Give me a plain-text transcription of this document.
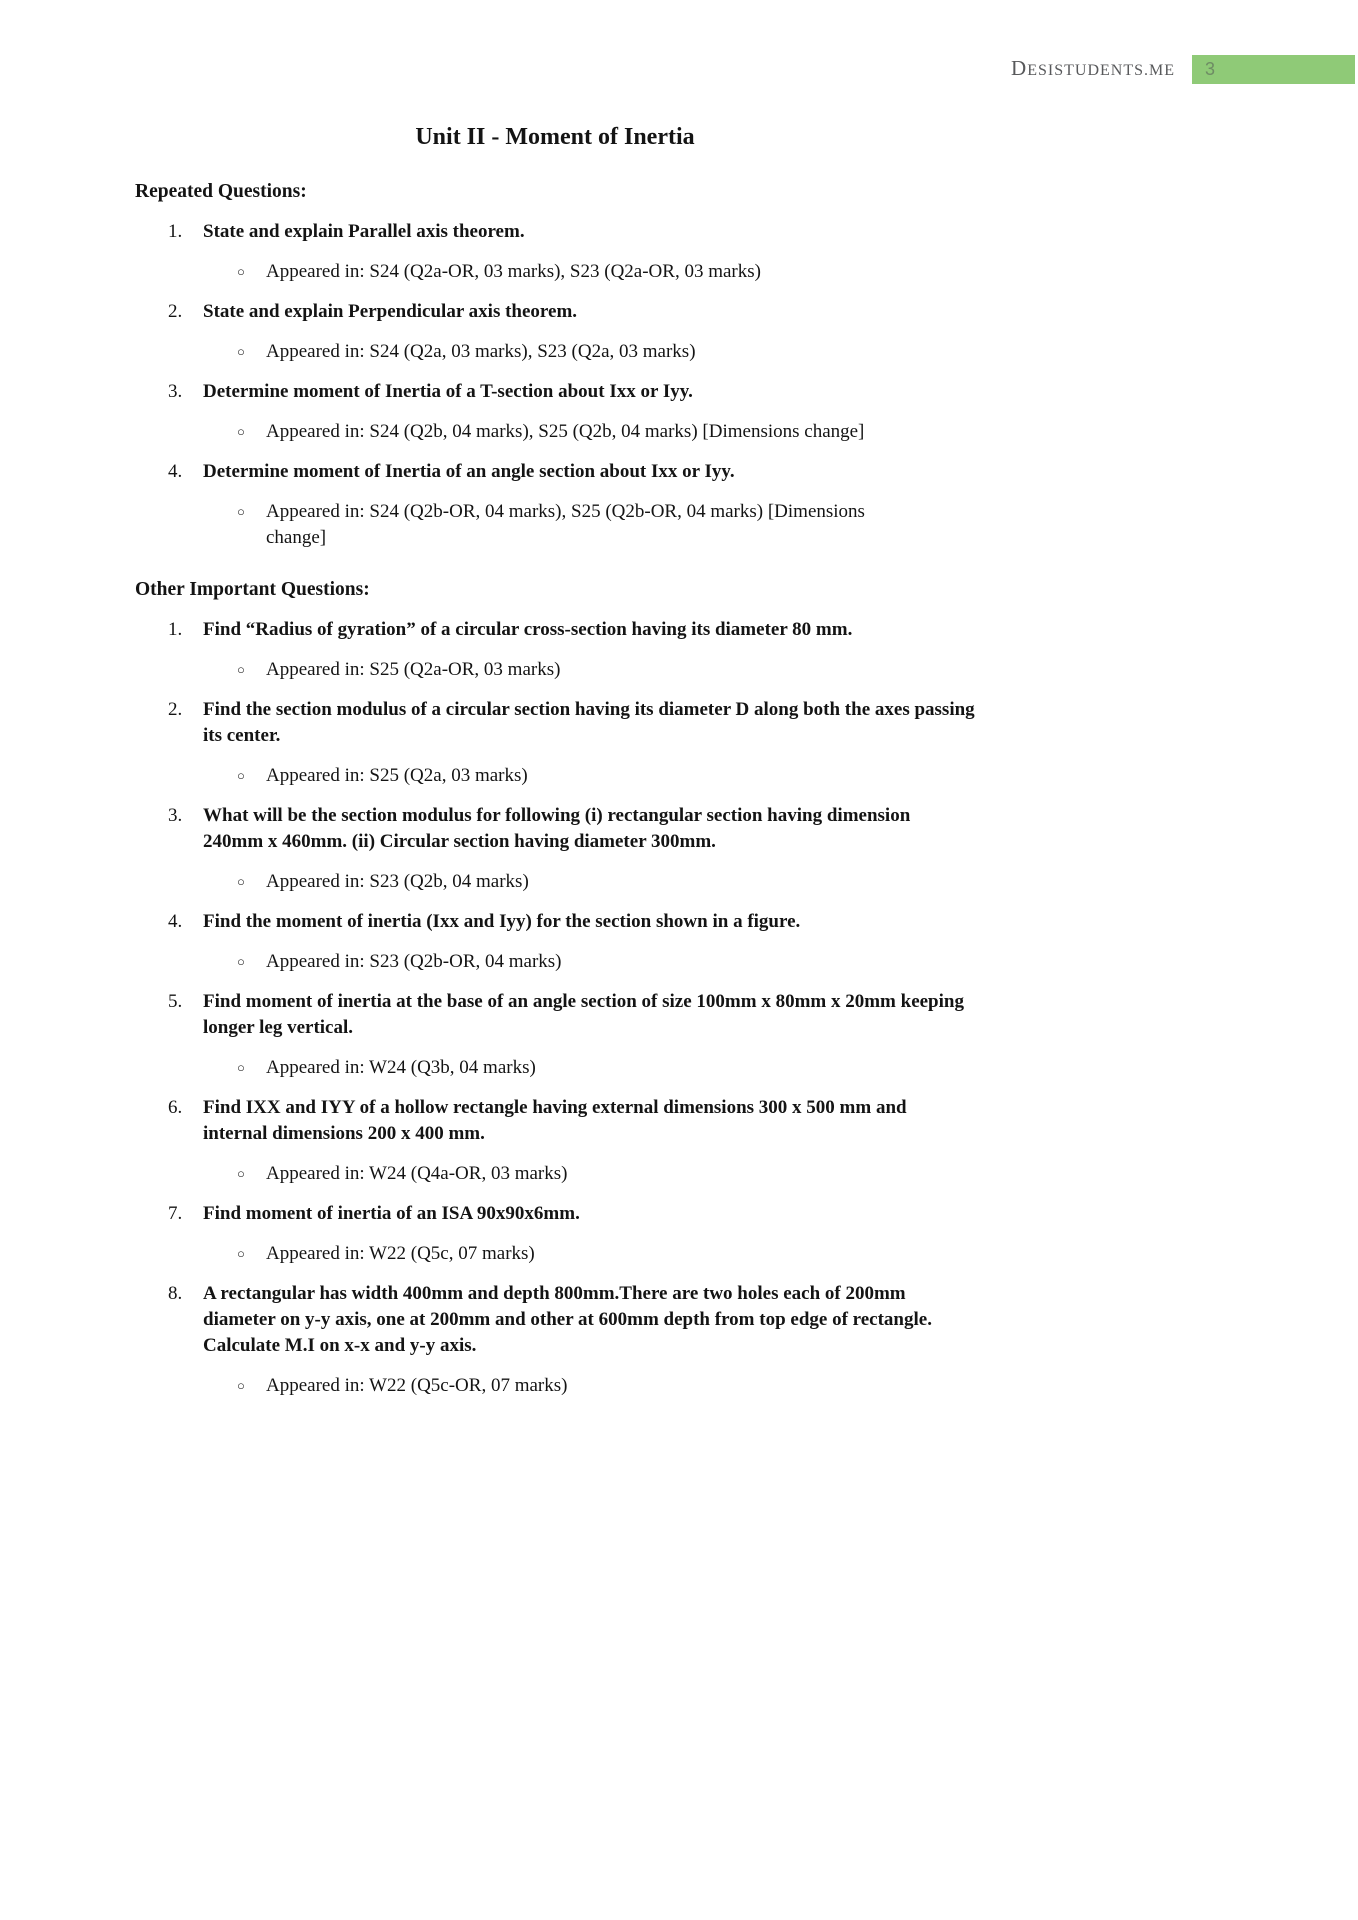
DESISTUDENTS.ME 3
Unit II - Moment of Inertia
Repeated Questions:
1.	State and explain Parallel axis theorem.
○	Appeared in: S24 (Q2a-OR, 03 marks), S23 (Q2a-OR, 03 marks)
2.	State and explain Perpendicular axis theorem.
○	Appeared in: S24 (Q2a, 03 marks), S23 (Q2a, 03 marks)
3.	Determine moment of Inertia of a T-section about Ixx or Iyy.
○	Appeared in: S24 (Q2b, 04 marks), S25 (Q2b, 04 marks) [Dimensions change]
4.	Determine moment of Inertia of an angle section about Ixx or Iyy.
○	Appeared in: S24 (Q2b-OR, 04 marks), S25 (Q2b-OR, 04 marks) [Dimensions change]
Other Important Questions:
1.	Find “Radius of gyration” of a circular cross-section having its diameter 80 mm.
○	Appeared in: S25 (Q2a-OR, 03 marks)
2.	Find the section modulus of a circular section having its diameter D along both the axes passing its center.
○	Appeared in: S25 (Q2a, 03 marks)
3.	What will be the section modulus for following (i) rectangular section having dimension 240mm x 460mm. (ii) Circular section having diameter 300mm.
○	Appeared in: S23 (Q2b, 04 marks)
4.	Find the moment of inertia (Ixx and Iyy) for the section shown in a figure.
○	Appeared in: S23 (Q2b-OR, 04 marks)
5.	Find moment of inertia at the base of an angle section of size 100mm x 80mm x 20mm keeping longer leg vertical.
○	Appeared in: W24 (Q3b, 04 marks)
6.	Find IXX and IYY of a hollow rectangle having external dimensions 300 x 500 mm and internal dimensions 200 x 400 mm.
○	Appeared in: W24 (Q4a-OR, 03 marks)
7.	Find moment of inertia of an ISA 90x90x6mm.
○	Appeared in: W22 (Q5c, 07 marks)
8.	A rectangular has width 400mm and depth 800mm.There are two holes each of 200mm diameter on y-y axis, one at 200mm and other at 600mm depth from top edge of rectangle. Calculate M.I on x-x and y-y axis.
○	Appeared in: W22 (Q5c-OR, 07 marks)
